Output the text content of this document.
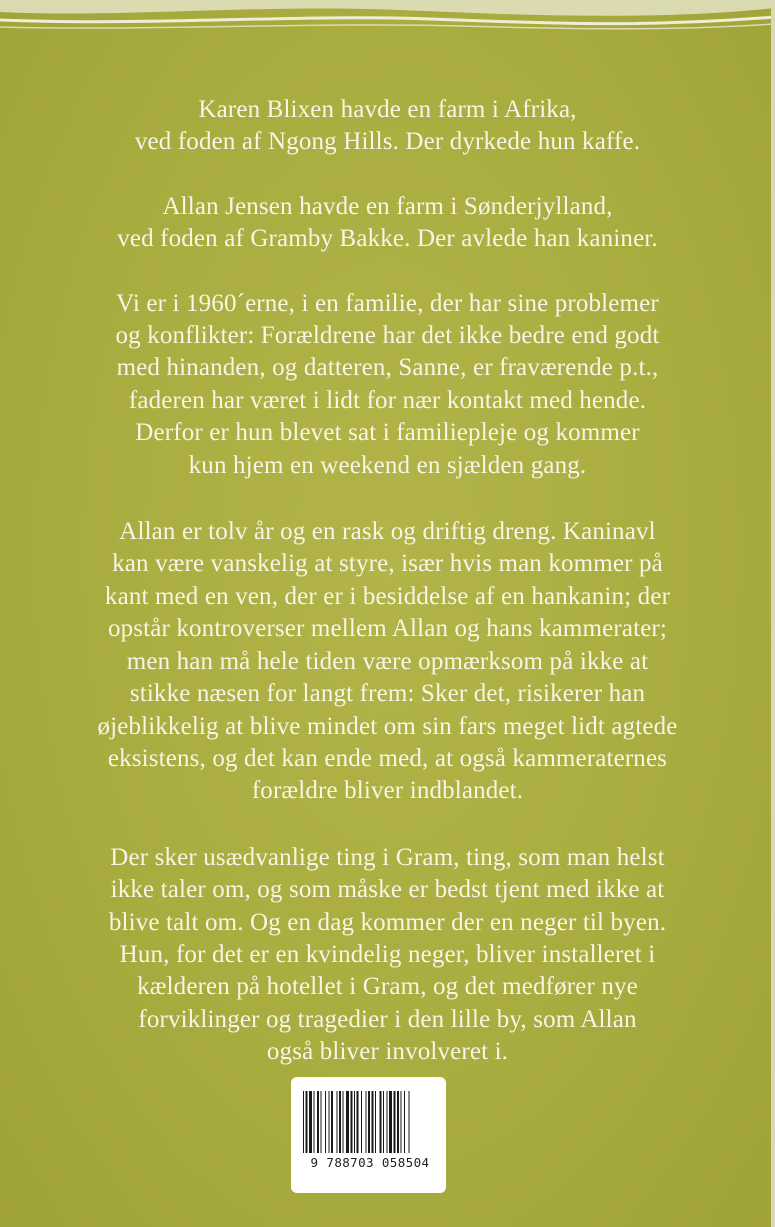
Karen Blixen havde en farm i Afrika,
ved foden af Ngong Hills. Der dyrkede hun kaffe.

Allan Jensen havde en farm i Sønderjylland,
ved foden af Gramby Bakke. Der avlede han kaniner.

Vi er i 1960´erne, i en familie, der har sine problemer
og konflikter: Forældrene har det ikke bedre end godt
med hinanden, og datteren, Sanne, er fraværende p.t.,
faderen har været i lidt for nær kontakt med hende.
Derfor er hun blevet sat i familiepleje og kommer
kun hjem en weekend en sjælden gang.

Allan er tolv år og en rask og driftig dreng. Kaninavl
kan være vanskelig at styre, især hvis man kommer på
kant med en ven, der er i besiddelse af en hankanin; der
opstår kontroverser mellem Allan og hans kammerater;
men han må hele tiden være opmærksom på ikke at
stikke næsen for langt frem: Sker det, risikerer han
øjeblikkelig at blive mindet om sin fars meget lidt agtede
eksistens, og det kan ende med, at også kammeraternes
forældre bliver indblandet.

Der sker usædvanlige ting i Gram, ting, som man helst
ikke taler om, og som måske er bedst tjent med ikke at
blive talt om. Og en dag kommer der en neger til byen.
Hun, for det er en kvindelig neger, bliver installeret i
kælderen på hotellet i Gram, og det medfører nye
forviklinger og tragedier i den lille by, som Allan
også bliver involveret i.

9 788703 058504
